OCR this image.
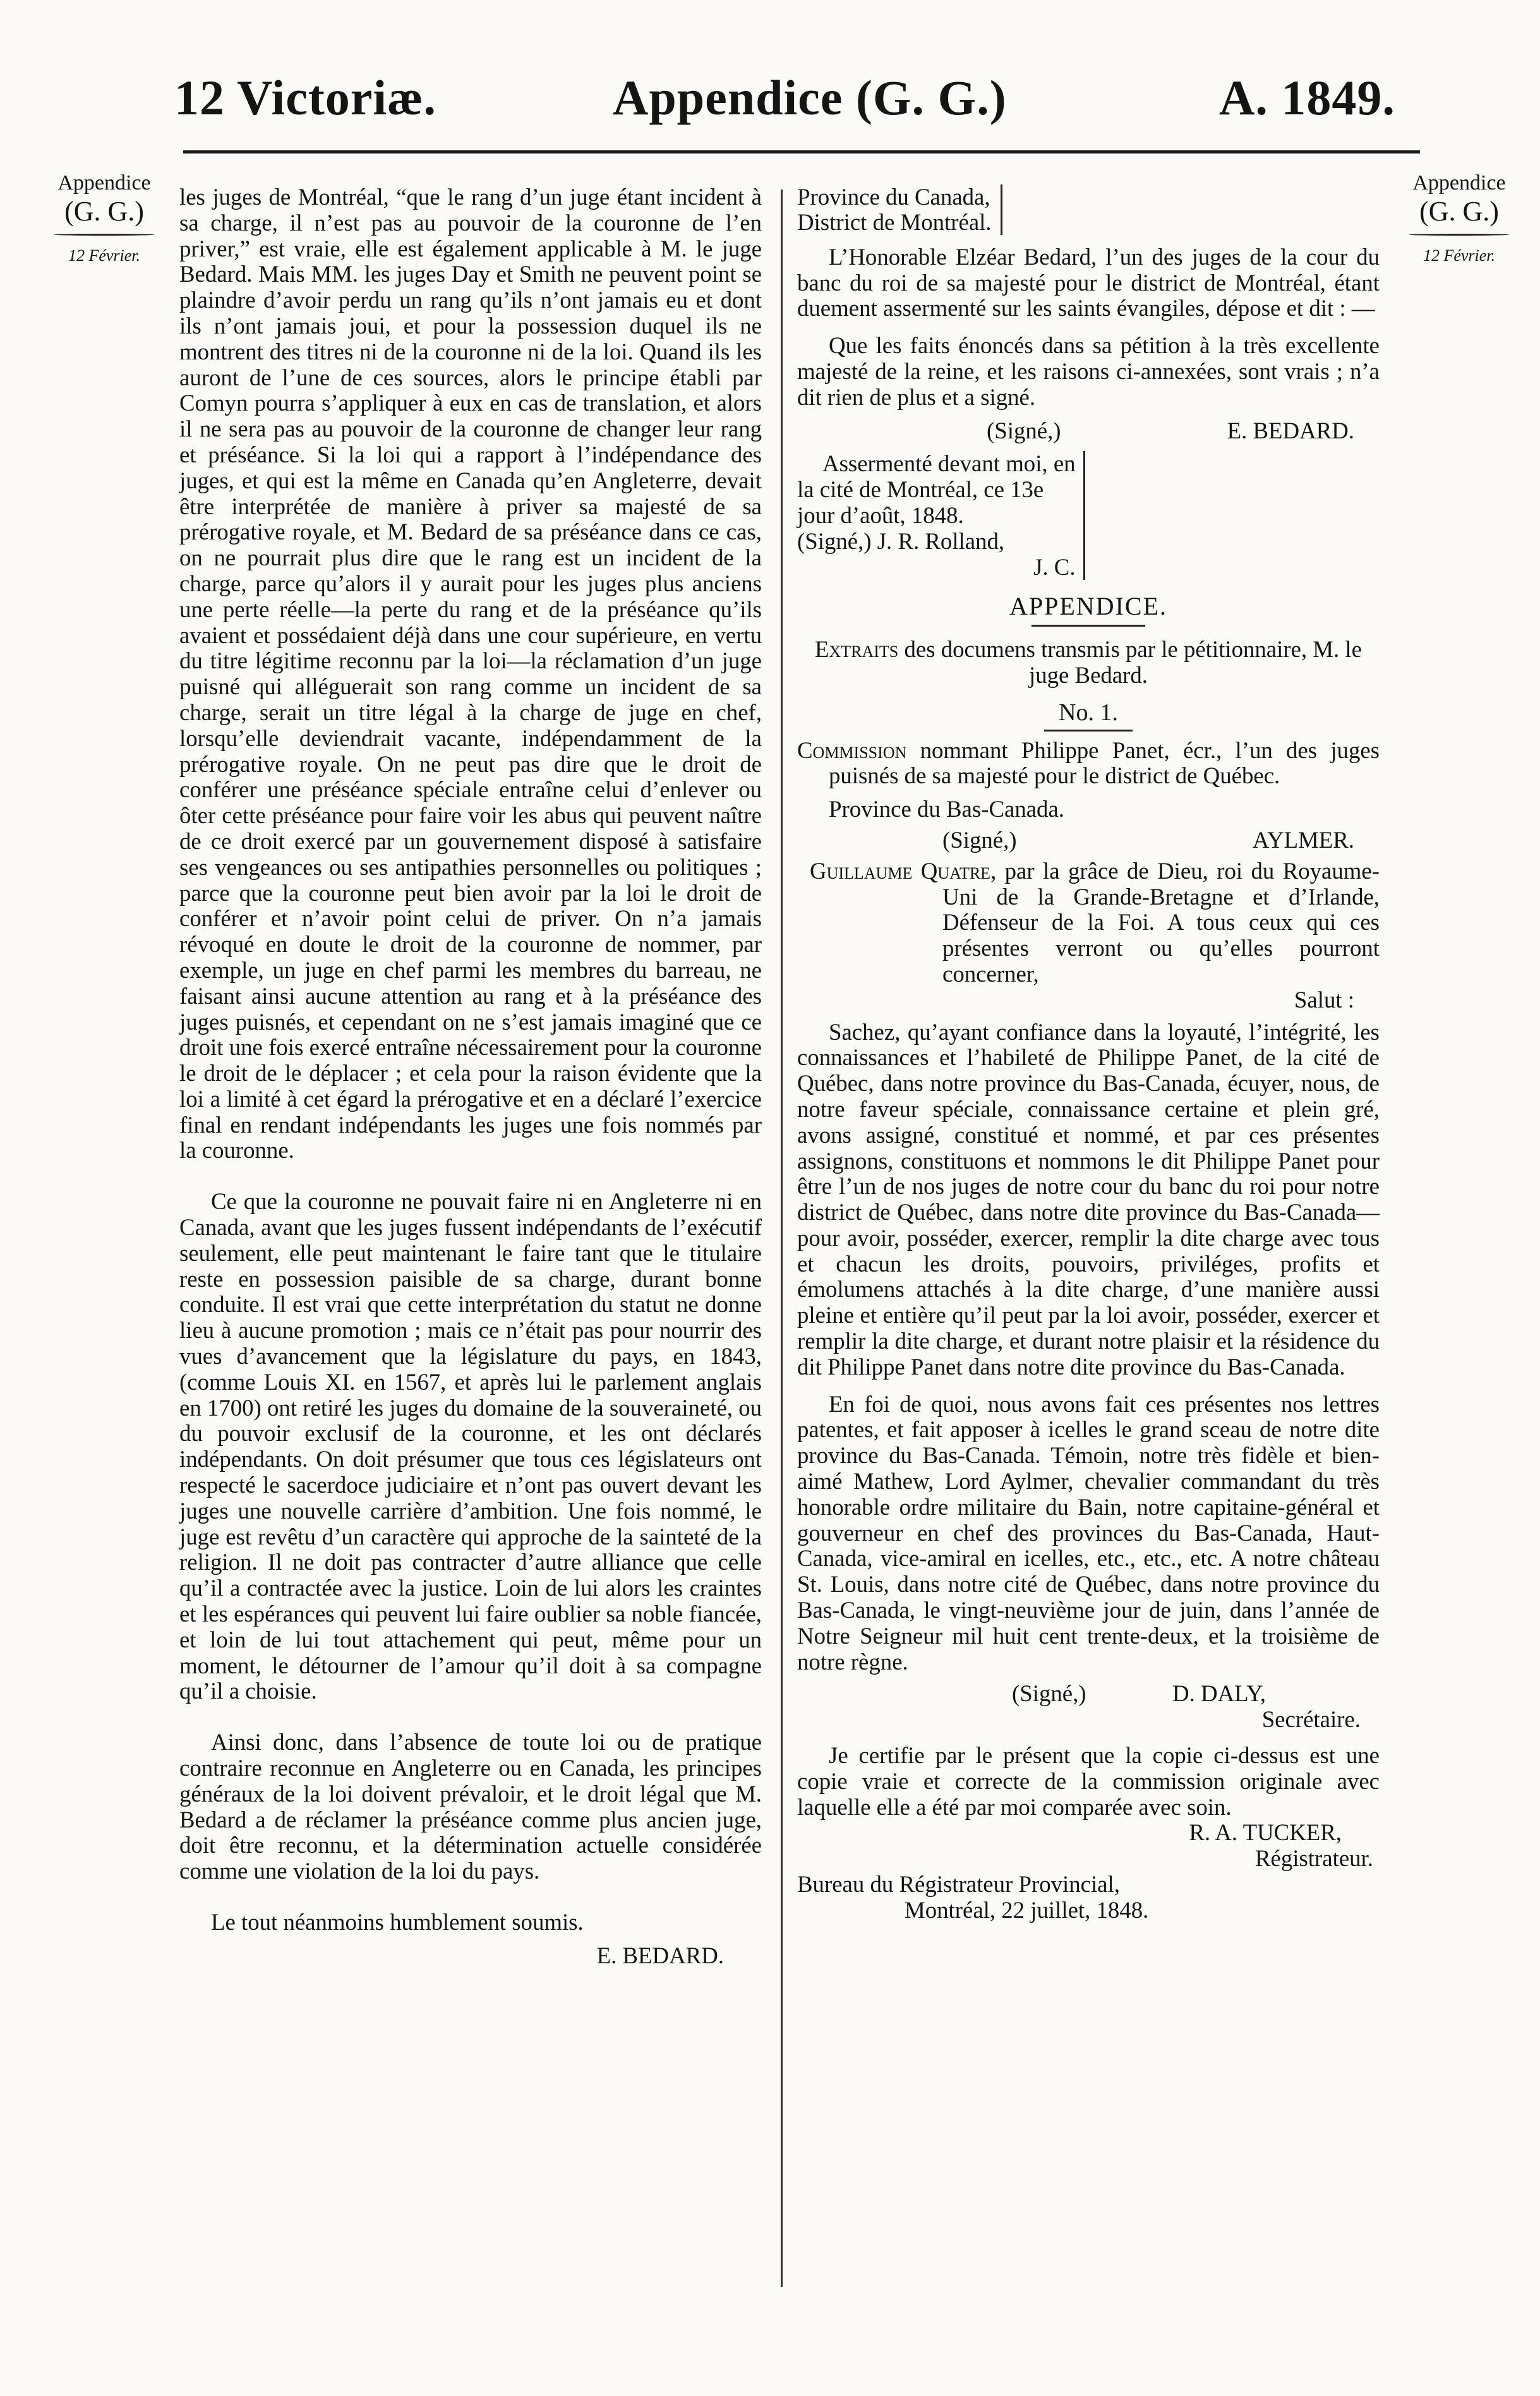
12 Victoriæ.	Appendice (G. G.)	A. 1849.
Appendice
(G. G.)
12 Février.
Appendice
(G. G.)
12 Février.

les juges de Montréal, “que le rang d’un juge étant incident à sa charge, il n’est pas au pouvoir de la couronne de l’en priver,” est vraie, elle est également applicable à M. le juge Bedard. Mais MM. les juges Day et Smith ne peuvent point se plaindre d’avoir perdu un rang qu’ils n’ont jamais eu et dont ils n’ont jamais joui, et pour la possession duquel ils ne montrent des titres ni de la couronne ni de la loi. Quand ils les auront de l’une de ces sources, alors le principe établi par Comyn pourra s’appliquer à eux en cas de translation, et alors il ne sera pas au pouvoir de la couronne de changer leur rang et préséance. Si la loi qui a rapport à l’indépendance des juges, et qui est la même en Canada qu’en Angleterre, devait être interprétée de manière à priver sa majesté de sa prérogative royale, et M. Bedard de sa préséance dans ce cas, on ne pourrait plus dire que le rang est un incident de la charge, parce qu’alors il y aurait pour les juges plus anciens une perte réelle—la perte du rang et de la préséance qu’ils avaient et possédaient déjà dans une cour supérieure, en vertu du titre légitime reconnu par la loi—la réclamation d’un juge puisné qui alléguerait son rang comme un incident de sa charge, serait un titre légal à la charge de juge en chef, lorsqu’elle deviendrait vacante, indépendamment de la prérogative royale. On ne peut pas dire que le droit de conférer une préséance spéciale entraîne celui d’enlever ou ôter cette préséance pour faire voir les abus qui peuvent naître de ce droit exercé par un gouvernement disposé à satisfaire ses vengeances ou ses antipathies personnelles ou politiques ; parce que la couronne peut bien avoir par la loi le droit de conférer et n’avoir point celui de priver. On n’a jamais révoqué en doute le droit de la couronne de nommer, par exemple, un juge en chef parmi les membres du barreau, ne faisant ainsi aucune attention au rang et à la préséance des juges puisnés, et cependant on ne s’est jamais imaginé que ce droit une fois exercé entraîne nécessairement pour la couronne le droit de le déplacer ; et cela pour la raison évidente que la loi a limité à cet égard la prérogative et en a déclaré l’exercice final en rendant indépendants les juges une fois nommés par la couronne.

Ce que la couronne ne pouvait faire ni en Angleterre ni en Canada, avant que les juges fussent indépendants de l’exécutif seulement, elle peut maintenant le faire tant que le titulaire reste en possession paisible de sa charge, durant bonne conduite. Il est vrai que cette interprétation du statut ne donne lieu à aucune promotion ; mais ce n’était pas pour nourrir des vues d’avancement que la législature du pays, en 1843, (comme Louis XI. en 1567, et après lui le parlement anglais en 1700) ont retiré les juges du domaine de la souveraineté, ou du pouvoir exclusif de la couronne, et les ont déclarés indépendants. On doit présumer que tous ces législateurs ont respecté le sacerdoce judiciaire et n’ont pas ouvert devant les juges une nouvelle carrière d’ambition. Une fois nommé, le juge est revêtu d’un caractère qui approche de la sainteté de la religion. Il ne doit pas contracter d’autre alliance que celle qu’il a contractée avec la justice. Loin de lui alors les craintes et les espérances qui peuvent lui faire oublier sa noble fiancée, et loin de lui tout attachement qui peut, même pour un moment, le détourner de l’amour qu’il doit à sa compagne qu’il a choisie.

Ainsi donc, dans l’absence de toute loi ou de pratique contraire reconnue en Angleterre ou en Canada, les principes généraux de la loi doivent prévaloir, et le droit légal que M. Bedard a de réclamer la préséance comme plus ancien juge, doit être reconnu, et la détermination actuelle considérée comme une violation de la loi du pays.

Le tout néanmoins humblement soumis.

E. BEDARD.

Province du Canada,
District de Montréal.

L’Honorable Elzéar Bedard, l’un des juges de la cour du banc du roi de sa majesté pour le district de Montréal, étant duement assermenté sur les saints évangiles, dépose et dit : —

Que les faits énoncés dans sa pétition à la très excellente majesté de la reine, et les raisons ci-annexées, sont vrais ; n’a dit rien de plus et a signé.

(Signé,)	E. BEDARD.
Assermenté devant moi, en
la cité de Montréal, ce 13e
jour d’août, 1848.
(Signé,) J. R. Rolland,
J. C.
APPENDICE.

Extraits des documens transmis par le pétitionnaire, M. le juge Bedard.

No. 1.

Commission nommant Philippe Panet, écr., l’un des juges puisnés de sa majesté pour le district de Québec.

Province du Bas-Canada.

(Signé,)	AYLMER.

Guillaume Quatre, par la grâce de Dieu, roi du Royaume-Uni de la Grande-Bretagne et d’Irlande, Défenseur de la Foi. A tous ceux qui ces présentes verront ou qu’elles pourront concerner,

Salut :

Sachez, qu’ayant confiance dans la loyauté, l’intégrité, les connaissances et l’habileté de Philippe Panet, de la cité de Québec, dans notre province du Bas-Canada, écuyer, nous, de notre faveur spéciale, connaissance certaine et plein gré, avons assigné, constitué et nommé, et par ces présentes assignons, constituons et nommons le dit Philippe Panet pour être l’un de nos juges de notre cour du banc du roi pour notre district de Québec, dans notre dite province du Bas-Canada—pour avoir, posséder, exercer, remplir la dite charge avec tous et chacun les droits, pouvoirs, priviléges, profits et émolumens attachés à la dite charge, d’une manière aussi pleine et entière qu’il peut par la loi avoir, posséder, exercer et remplir la dite charge, et durant notre plaisir et la résidence du dit Philippe Panet dans notre dite province du Bas-Canada.

En foi de quoi, nous avons fait ces présentes nos lettres patentes, et fait apposer à icelles le grand sceau de notre dite province du Bas-Canada. Témoin, notre très fidèle et bien-aimé Mathew, Lord Aylmer, chevalier commandant du très honorable ordre militaire du Bain, notre capitaine-général et gouverneur en chef des provinces du Bas-Canada, Haut-Canada, vice-amiral en icelles, etc., etc., etc. A notre château St. Louis, dans notre cité de Québec, dans notre province du Bas-Canada, le vingt-neuvième jour de juin, dans l’année de Notre Seigneur mil huit cent trente-deux, et la troisième de notre règne.

(Signé,)	D. DALY,

Secrétaire.

Je certifie par le présent que la copie ci-dessus est une copie vraie et correcte de la commission originale avec laquelle elle a été par moi comparée avec soin.

R. A. TUCKER,

Régistrateur.

Bureau du Régistrateur Provincial,

Montréal, 22 juillet, 1848.
